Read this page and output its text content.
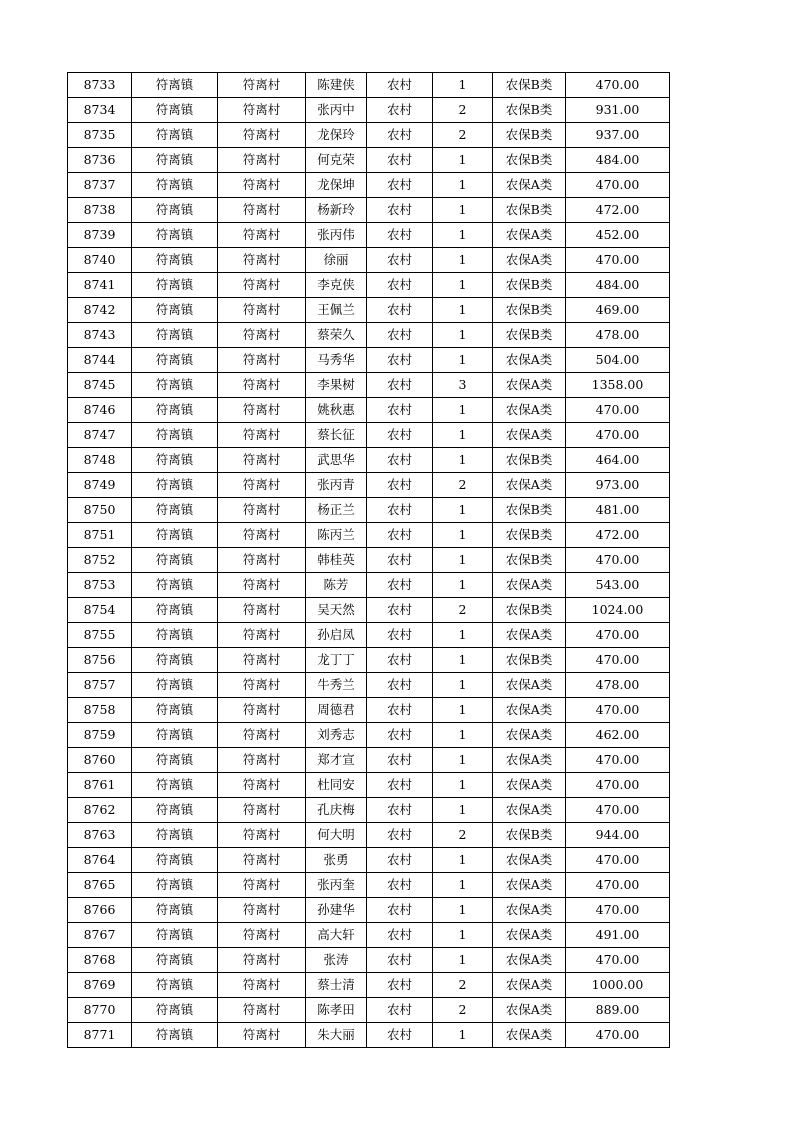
8733	符离镇	符离村	陈建侠	农村	1	农保B类	470.00
8734	符离镇	符离村	张丙中	农村	2	农保B类	931.00
8735	符离镇	符离村	龙保玲	农村	2	农保B类	937.00
8736	符离镇	符离村	何克荣	农村	1	农保B类	484.00
8737	符离镇	符离村	龙保坤	农村	1	农保A类	470.00
8738	符离镇	符离村	杨新玲	农村	1	农保B类	472.00
8739	符离镇	符离村	张丙伟	农村	1	农保A类	452.00
8740	符离镇	符离村	徐丽	农村	1	农保A类	470.00
8741	符离镇	符离村	李克侠	农村	1	农保B类	484.00
8742	符离镇	符离村	王佩兰	农村	1	农保B类	469.00
8743	符离镇	符离村	蔡荣久	农村	1	农保B类	478.00
8744	符离镇	符离村	马秀华	农村	1	农保A类	504.00
8745	符离镇	符离村	李果树	农村	3	农保A类	1358.00
8746	符离镇	符离村	姚秋惠	农村	1	农保A类	470.00
8747	符离镇	符离村	蔡长征	农村	1	农保A类	470.00
8748	符离镇	符离村	武思华	农村	1	农保B类	464.00
8749	符离镇	符离村	张丙青	农村	2	农保A类	973.00
8750	符离镇	符离村	杨正兰	农村	1	农保B类	481.00
8751	符离镇	符离村	陈丙兰	农村	1	农保B类	472.00
8752	符离镇	符离村	韩桂英	农村	1	农保B类	470.00
8753	符离镇	符离村	陈芳	农村	1	农保A类	543.00
8754	符离镇	符离村	吴天然	农村	2	农保B类	1024.00
8755	符离镇	符离村	孙启凤	农村	1	农保A类	470.00
8756	符离镇	符离村	龙丁丁	农村	1	农保B类	470.00
8757	符离镇	符离村	牛秀兰	农村	1	农保A类	478.00
8758	符离镇	符离村	周德君	农村	1	农保A类	470.00
8759	符离镇	符离村	刘秀志	农村	1	农保A类	462.00
8760	符离镇	符离村	郑才宣	农村	1	农保A类	470.00
8761	符离镇	符离村	杜同安	农村	1	农保A类	470.00
8762	符离镇	符离村	孔庆梅	农村	1	农保A类	470.00
8763	符离镇	符离村	何大明	农村	2	农保B类	944.00
8764	符离镇	符离村	张勇	农村	1	农保A类	470.00
8765	符离镇	符离村	张丙奎	农村	1	农保A类	470.00
8766	符离镇	符离村	孙建华	农村	1	农保A类	470.00
8767	符离镇	符离村	高大轩	农村	1	农保A类	491.00
8768	符离镇	符离村	张涛	农村	1	农保A类	470.00
8769	符离镇	符离村	蔡士清	农村	2	农保A类	1000.00
8770	符离镇	符离村	陈孝田	农村	2	农保A类	889.00
8771	符离镇	符离村	朱大丽	农村	1	农保A类	470.00
